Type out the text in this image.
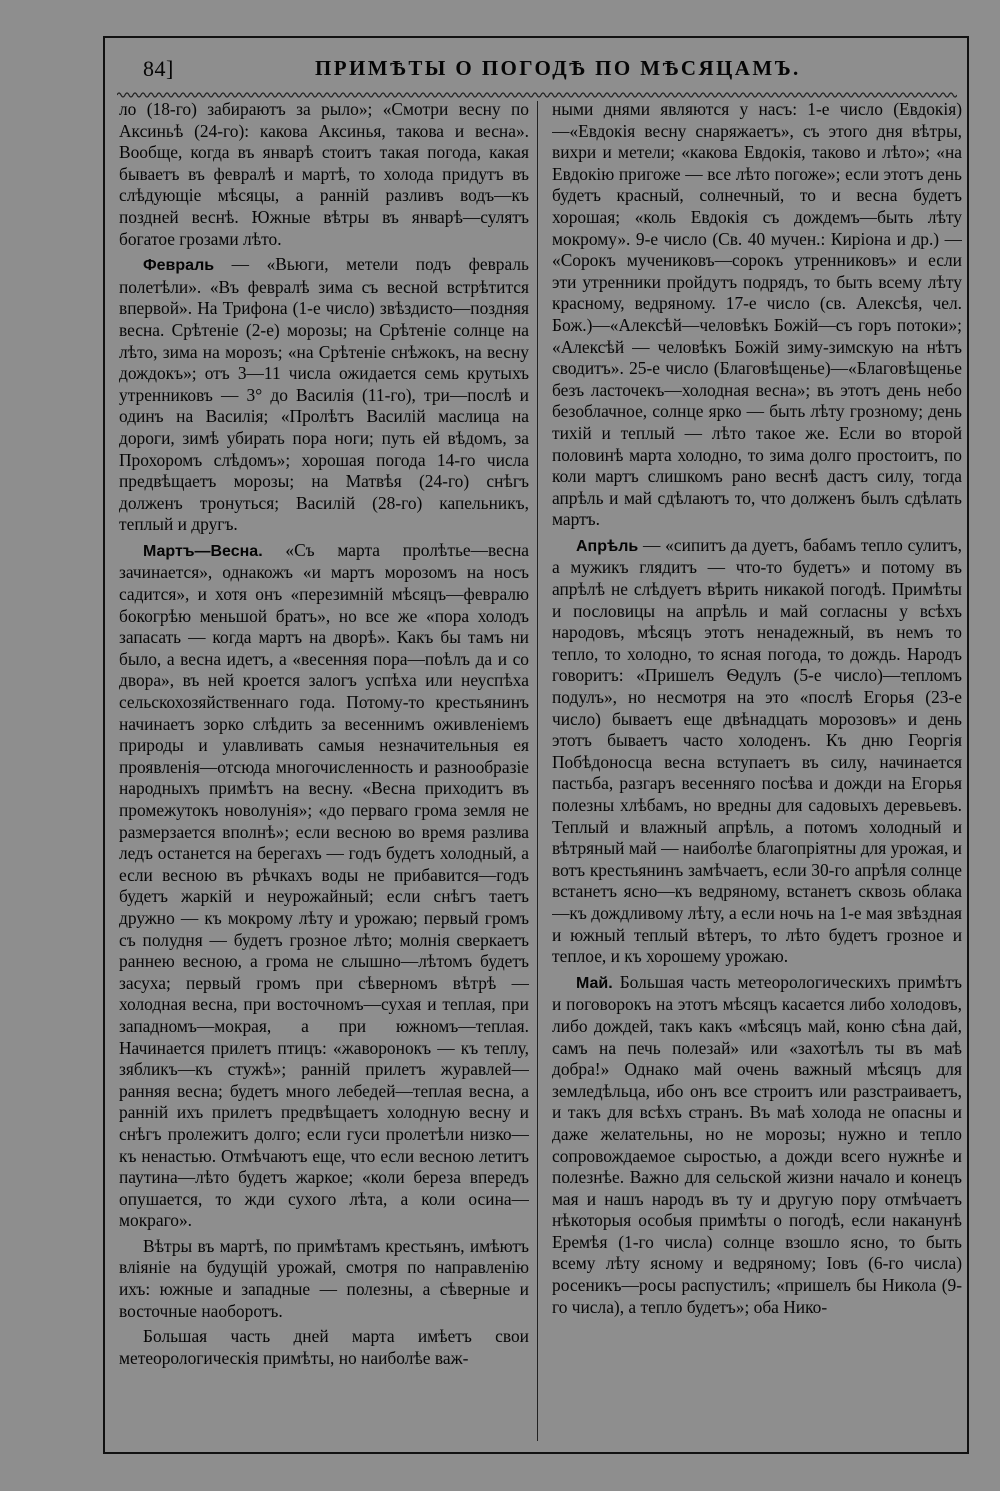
84]	ПРИМѢТЫ О ПОГОДѢ ПО МѢСЯЦАМЪ.

ло (18-го) забираютъ за рыло»; «Смотри весну по Аксиньѣ (24-го): какова Аксинья, такова и весна». Вообще, когда въ январѣ стоитъ такая погода, какая бываетъ въ февралѣ и мартѣ, то холода придутъ въ слѣдующіе мѣсяцы, а ранній разливъ водъ—къ поздней веснѣ. Южные вѣтры въ январѣ—сулятъ богатое грозами лѣто.

Февраль — «Вьюги, метели подъ февраль полетѣли». «Въ февралѣ зима съ весной встрѣтится впервой». На Трифона (1-е число) звѣздисто—поздняя весна. Срѣтеніе (2-е) морозы; на Срѣтеніе солнце на лѣто, зима на морозъ; «на Срѣтеніе снѣжокъ, на весну дождокъ»; отъ 3—11 числа ожидается семь крутыхъ утренниковъ — 3° до Василія (11-го), три—послѣ и одинъ на Василія; «Пролѣтъ Василій маслица на дороги, зимѣ убирать пора ноги; путь ей вѣдомъ, за Прохоромъ слѣдомъ»; хорошая погода 14-го числа предвѣщаетъ морозы; на Матвѣя (24-го) снѣгъ долженъ тронуться; Василій (28-го) капельникъ, теплый и другъ.

Мартъ—Весна. «Съ марта пролѣтье—весна зачинается», однакожъ «и мартъ морозомъ на носъ садится», и хотя онъ «перезимній мѣсяцъ—февралю бокогрѣю меньшой братъ», но все же «пора холодъ запасать — когда мартъ на дворѣ». Какъ бы тамъ ни было, а весна идетъ, а «весенняя пора—поѣлъ да и со двора», въ ней кроется залогъ успѣха или неуспѣха сельскохозяйственнаго года. Потому-то крестьянинъ начинаетъ зорко слѣдить за весеннимъ оживленіемъ природы и улавливать самыя незначительныя ея проявленія—отсюда многочисленность и разнообразіе народныхъ примѣтъ на весну. «Весна приходитъ въ промежутокъ новолунія»; «до перваго грома земля не размерзается вполнѣ»; если весною во время разлива ледъ останется на берегахъ — годъ будетъ холодный, а если весною въ рѣчкахъ воды не прибавится—годъ будетъ жаркій и неурожайный; если снѣгъ таетъ дружно — къ мокрому лѣту и урожаю; первый громъ съ полудня — будетъ грозное лѣто; молнія сверкаетъ раннею весною, а грома не слышно—лѣтомъ будетъ засуха; первый громъ при сѣверномъ вѣтрѣ — холодная весна, при восточномъ—сухая и теплая, при западномъ—мокрая, а при южномъ—теплая. Начинается прилетъ птицъ: «жаворонокъ — къ теплу, зябликъ—къ стужѣ»; ранній прилетъ журавлей—ранняя весна; будетъ много лебедей—теплая весна, а ранній ихъ прилетъ предвѣщаетъ холодную весну и снѣгъ пролежитъ долго; если гуси пролетѣли низко—къ ненастью. Отмѣчаютъ еще, что если весною летитъ паутина—лѣто будетъ жаркое; «коли береза впередъ опушается, то жди сухого лѣта, а коли осина—мокраго».

Вѣтры въ мартѣ, по примѣтамъ крестьянъ, имѣютъ вліяніе на будущій урожай, смотря по направленію ихъ: южные и западные — полезны, а сѣверные и восточные наоборотъ.

Большая часть дней марта имѣетъ свои метеорологическія примѣты, но наиболѣе важ-

ными днями являются у насъ: 1-е число (Евдокія)—«Евдокія весну снаряжаетъ», съ этого дня вѣтры, вихри и метели; «какова Евдокія, таково и лѣто»; «на Евдокію пригоже — все лѣто погоже»; если этотъ день будетъ красный, солнечный, то и весна будетъ хорошая; «коль Евдокія съ дождемъ—быть лѣту мокрому». 9-е число (Св. 40 мучен.: Киріона и др.) — «Сорокъ мучениковъ—сорокъ утренниковъ» и если эти утренники пройдутъ подрядъ, то быть всему лѣту красному, ведряному. 17-е число (св. Алексѣя, чел. Бож.)—«Алексѣй—человѣкъ Божій—съ горъ потоки»; «Алексѣй — человѣкъ Божій зиму-зимскую на нѣтъ сводитъ». 25-е число (Благовѣщенье)—«Благовѣщенье безъ ласточекъ—холодная весна»; въ этотъ день небо безоблачное, солнце ярко — быть лѣту грозному; день тихій и теплый — лѣто такое же. Если во второй половинѣ марта холодно, то зима долго простоитъ, по коли мартъ слишкомъ рано веснѣ дастъ силу, тогда апрѣль и май сдѣлаютъ то, что долженъ былъ сдѣлать мартъ.

Апрѣль — «сипитъ да дуетъ, бабамъ тепло сулитъ, а мужикъ глядитъ — что-то будетъ» и потому въ апрѣлѣ не слѣдуетъ вѣрить никакой погодѣ. Примѣты и пословицы на апрѣль и май согласны у всѣхъ народовъ, мѣсяцъ этотъ ненадежный, въ немъ то тепло, то холодно, то ясная погода, то дождь. Народъ говоритъ: «Пришелъ Ѳедулъ (5-е число)—тепломъ подулъ», но несмотря на это «послѣ Егорья (23-е число) бываетъ еще двѣнадцать морозовъ» и день этотъ бываетъ часто холоденъ. Къ дню Георгія Побѣдоносца весна вступаетъ въ силу, начинается пастьба, разгаръ весенняго посѣва и дожди на Егорья полезны хлѣбамъ, но вредны для садовыхъ деревьевъ. Теплый и влажный апрѣль, а потомъ холодный и вѣтряный май — наиболѣе благопріятны для урожая, и вотъ крестьянинъ замѣчаетъ, если 30-го апрѣля солнце встанетъ ясно—къ ведряному, встанетъ сквозь облака—къ дождливому лѣту, а если ночь на 1-е мая звѣздная и южный теплый вѣтеръ, то лѣто будетъ грозное и теплое, и къ хорошему урожаю.

Май. Большая часть метеорологическихъ примѣтъ и поговорокъ на этотъ мѣсяцъ касается либо холодовъ, либо дождей, такъ какъ «мѣсяцъ май, коню сѣна дай, самъ на печь полезай» или «захотѣлъ ты въ маѣ добра!» Однако май очень важный мѣсяцъ для земледѣльца, ибо онъ все строитъ или разстраиваетъ, и такъ для всѣхъ странъ. Въ маѣ холода не опасны и даже желательны, но не морозы; нужно и тепло сопровождаемое сыростью, а дожди всего нужнѣе и полезнѣе. Важно для сельской жизни начало и конецъ мая и нашъ народъ въ ту и другую пору отмѣчаетъ нѣкоторыя особыя примѣты о погодѣ, если наканунѣ Еремѣя (1-го числа) солнце взошло ясно, то быть всему лѣту ясному и ведряному; Іовъ (6-го числа) росеникъ—росы распустилъ; «пришелъ бы Никола (9-го числа), а тепло будетъ»; оба Нико-
